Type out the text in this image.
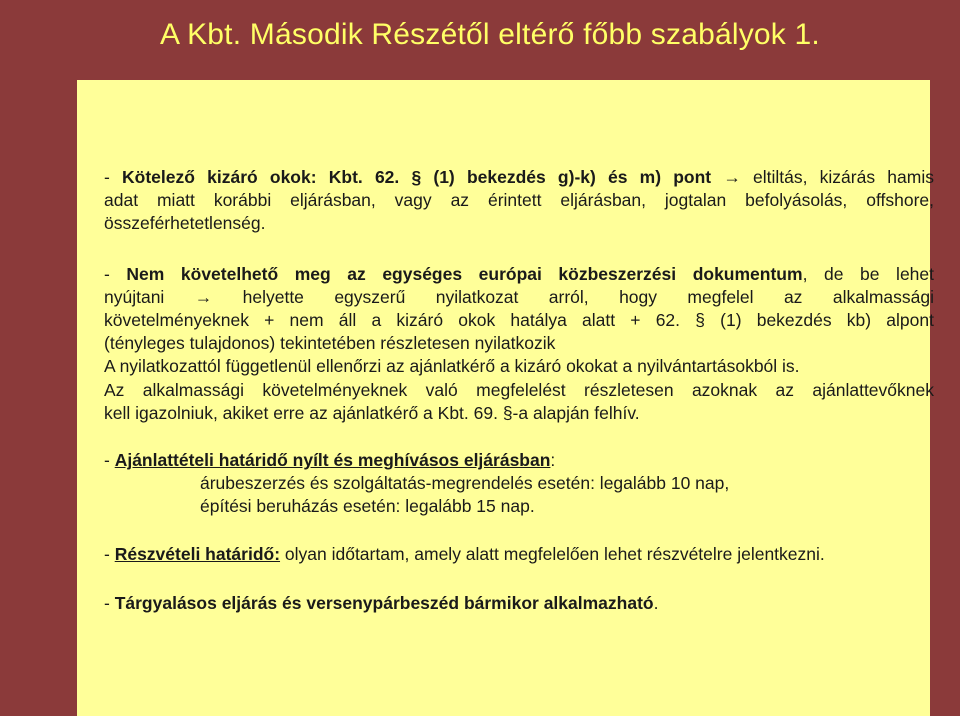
A Kbt. Második Részétől eltérő főbb szabályok 1.
- Kötelező kizáró okok: Kbt. 62. § (1) bekezdés g)-k) és m) pont → eltiltás, kizárás hamis
adat miatt korábbi eljárásban, vagy az érintett eljárásban, jogtalan befolyásolás, offshore,
összeférhetetlenség.
- Nem követelhető meg az egységes európai közbeszerzési dokumentum, de be lehet
nyújtani → helyette egyszerű nyilatkozat arról, hogy megfelel az alkalmassági
követelményeknek + nem áll a kizáró okok hatálya alatt + 62. § (1) bekezdés kb) alpont
(tényleges tulajdonos) tekintetében részletesen nyilatkozik
A nyilatkozattól függetlenül ellenőrzi az ajánlatkérő a kizáró okokat a nyilvántartásokból is.
Az alkalmassági követelményeknek való megfelelést részletesen azoknak az ajánlattevőknek
kell igazolniuk, akiket erre az ajánlatkérő a Kbt. 69. §-a alapján felhív.
- Ajánlattételi határidő nyílt és meghívásos eljárásban:
árubeszerzés és szolgáltatás-megrendelés esetén: legalább 10 nap,
építési beruházás esetén: legalább 15 nap.
- Részvételi határidő: olyan időtartam, amely alatt megfelelően lehet részvételre jelentkezni.
- Tárgyalásos eljárás és versenypárbeszéd bármikor alkalmazható.
